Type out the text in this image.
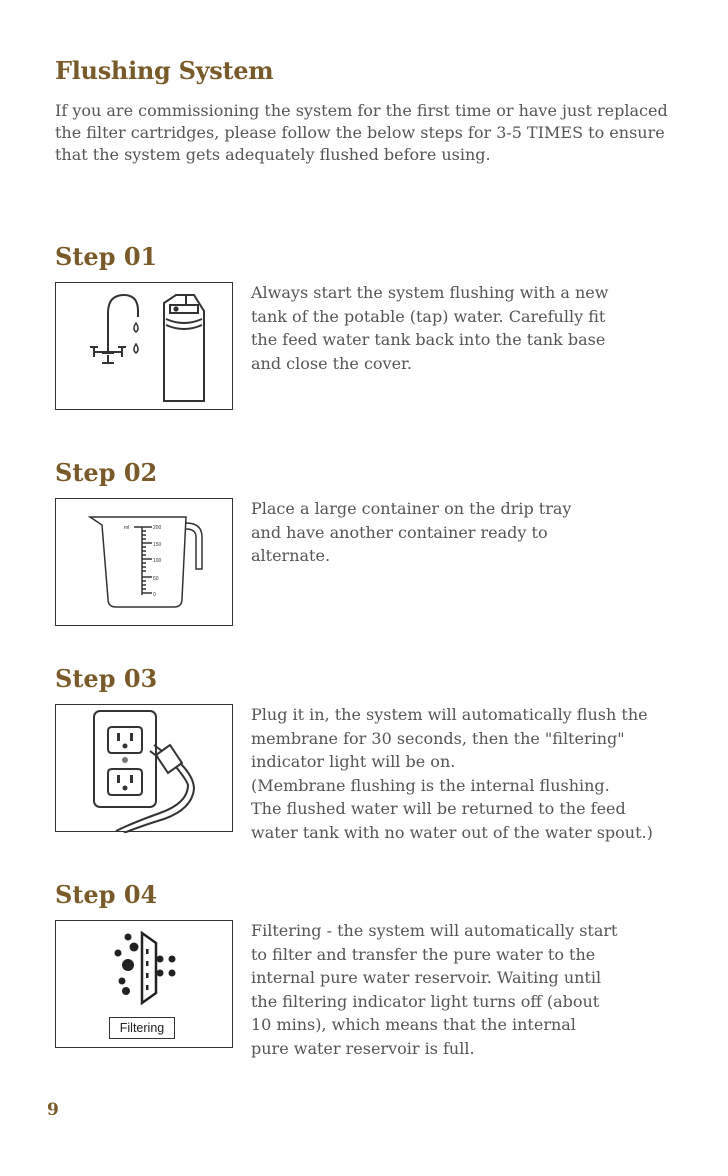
Flushing System
If you are commissioning the system for the first time or have just replaced the filter cartridges, please follow the below steps for 3-5 TIMES to ensure that the system gets adequately flushed before using.
Step 01
Always start the system flushing with a new
tank of the potable (tap) water. Carefully fit
the feed water tank back into the tank base
and close the cover.
Step 02
ml	200
150
100
50
0
Place a large container on the drip tray
and have another container ready to
alternate.
Step 03
Plug it in, the system will automatically flush the
membrane for 30 seconds, then the "filtering"
indicator light will be on.
(Membrane flushing is the internal flushing.
The flushed water will be returned to the feed
water tank with no water out of the water spout.)
Step 04
Filtering
Filtering - the system will automatically start
to filter and transfer the pure water to the
internal pure water reservoir. Waiting until
the filtering indicator light turns off (about
10 mins), which means that the internal
pure water reservoir is full.
9
